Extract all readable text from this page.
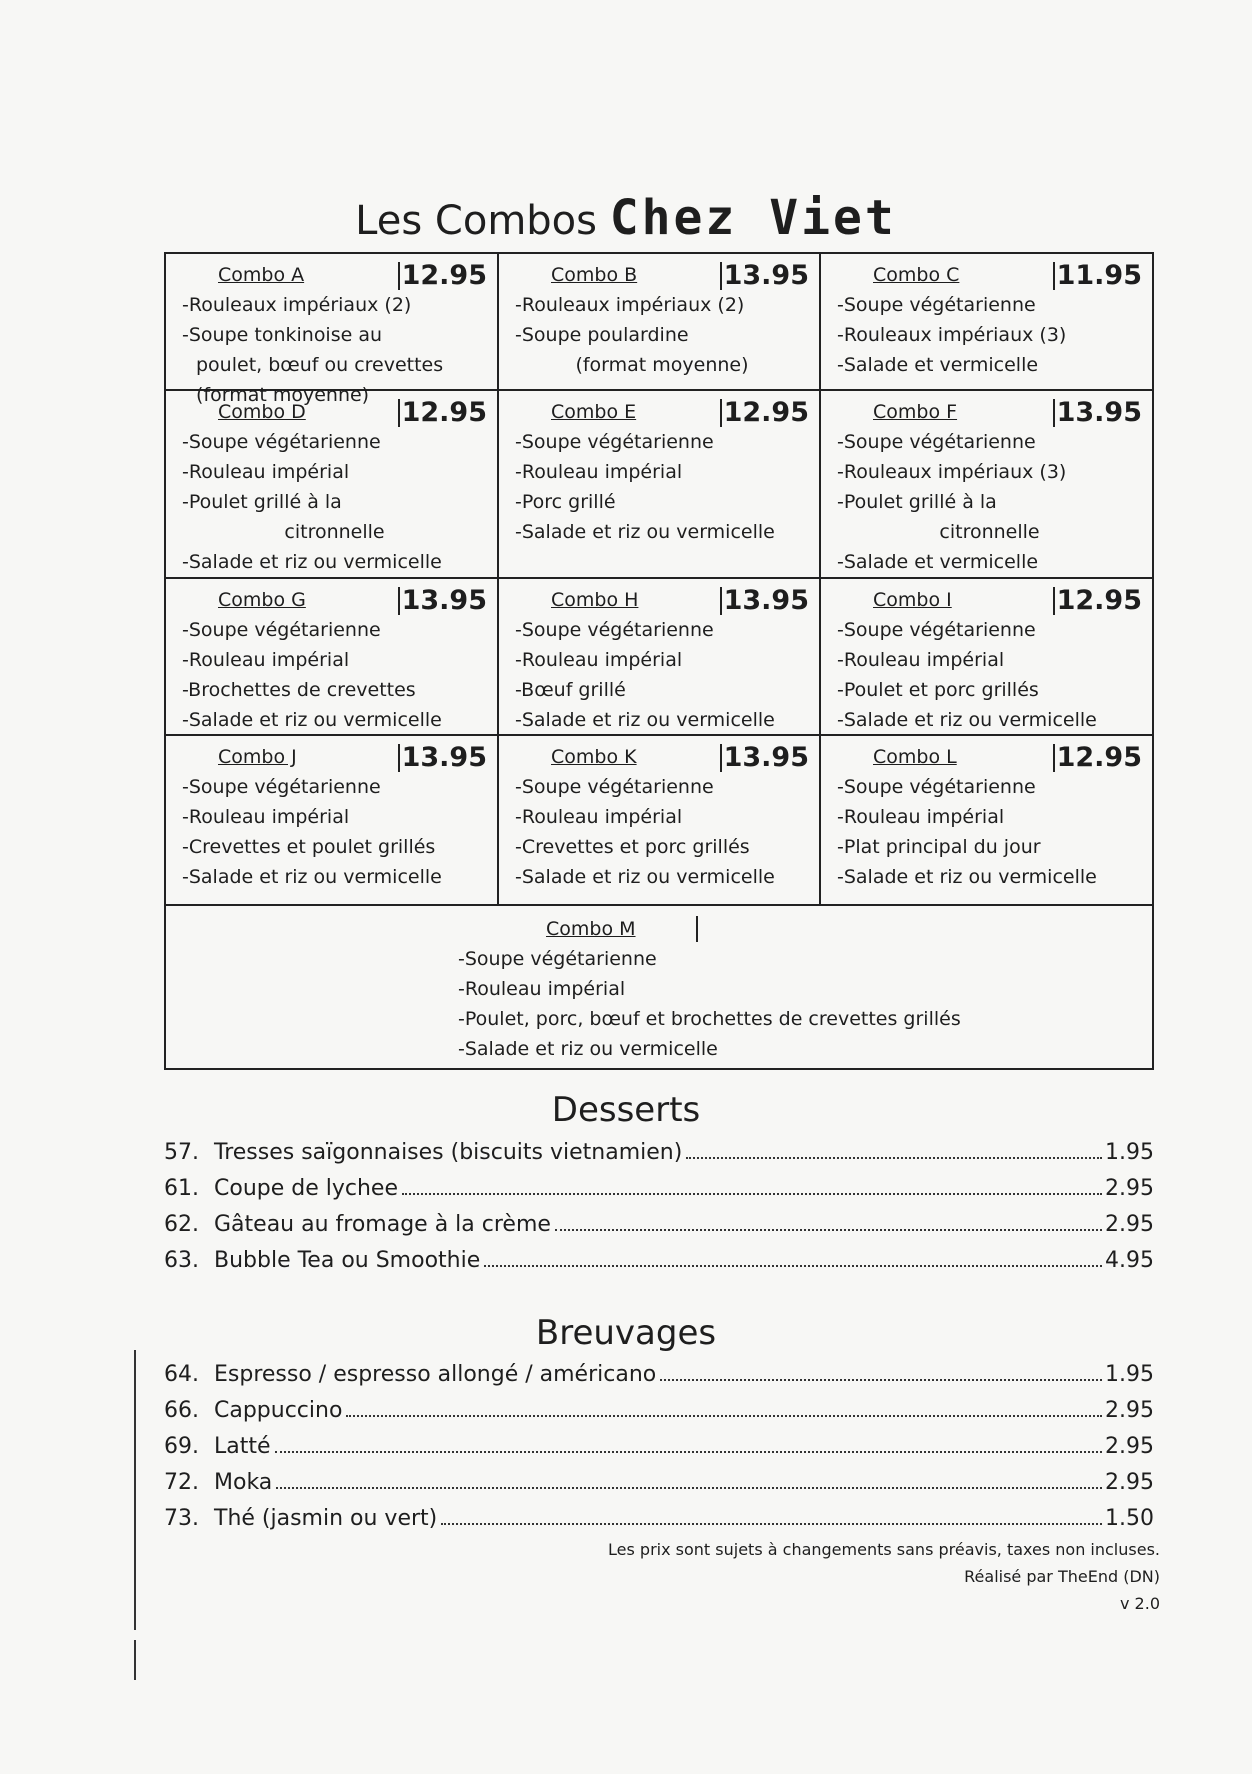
Les Combos Chez Viet
Combo A	12.95
-Rouleaux impériaux (2)
-Soupe tonkinoise au
poulet, bœuf ou crevettes
(format moyenne)
Combo B	13.95
-Rouleaux impériaux (2)
-Soupe poulardine
(format moyenne)
Combo C	11.95
-Soupe végétarienne
-Rouleaux impériaux (3)
-Salade et vermicelle
Combo D	12.95
-Soupe végétarienne
-Rouleau impérial
-Poulet grillé à la
citronnelle
-Salade et riz ou vermicelle
Combo E	12.95
-Soupe végétarienne
-Rouleau impérial
-Porc grillé
-Salade et riz ou vermicelle
Combo F	13.95
-Soupe végétarienne
-Rouleaux impériaux (3)
-Poulet grillé à la
citronnelle
-Salade et vermicelle
Combo G	13.95
-Soupe végétarienne
-Rouleau impérial
-Brochettes de crevettes
-Salade et riz ou vermicelle
Combo H	13.95
-Soupe végétarienne
-Rouleau impérial
-Bœuf grillé
-Salade et riz ou vermicelle
Combo I	12.95
-Soupe végétarienne
-Rouleau impérial
-Poulet et porc grillés
-Salade et riz ou vermicelle
Combo J	13.95
-Soupe végétarienne
-Rouleau impérial
-Crevettes et poulet grillés
-Salade et riz ou vermicelle
Combo K	13.95
-Soupe végétarienne
-Rouleau impérial
-Crevettes et porc grillés
-Salade et riz ou vermicelle
Combo L	12.95
-Soupe végétarienne
-Rouleau impérial
-Plat principal du jour
-Salade et riz ou vermicelle
Combo M
-Soupe végétarienne
-Rouleau impérial
-Poulet, porc, bœuf et brochettes de crevettes grillés
-Salade et riz ou vermicelle
Desserts
57. Tresses saïgonnaises (biscuits vietnamien)	1.95
61. Coupe de lychee	2.95
62. Gâteau au fromage à la crème	2.95
63. Bubble Tea ou Smoothie	4.95
Breuvages
64. Espresso / espresso allongé / américano	1.95
66. Cappuccino	2.95
69. Latté	2.95
72. Moka	2.95
73. Thé (jasmin ou vert)	1.50
Les prix sont sujets à changements sans préavis, taxes non incluses.
Réalisé par TheEnd (DN)
v 2.0
